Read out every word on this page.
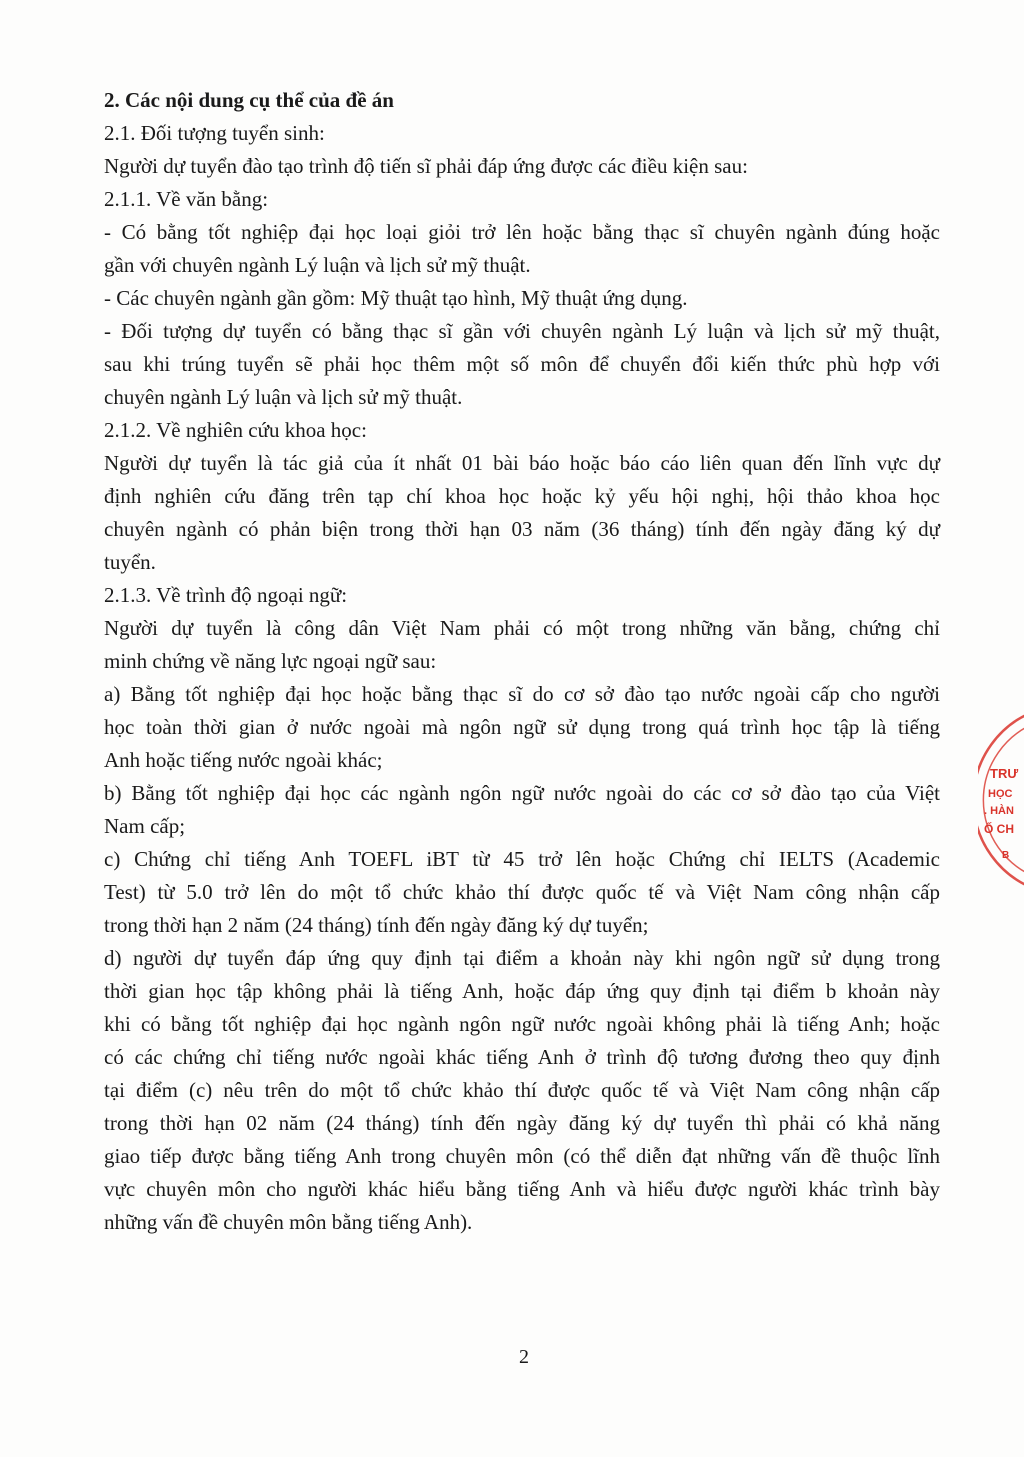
2. Các nội dung cụ thể của đề án
2.1. Đối tượng tuyển sinh:
Người dự tuyển đào tạo trình độ tiến sĩ phải đáp ứng được các điều kiện sau:
2.1.1. Về văn bằng:
- Có bằng tốt nghiệp đại học loại giỏi trở lên hoặc bằng thạc sĩ chuyên ngành đúng hoặc
gần với chuyên ngành Lý luận và lịch sử mỹ thuật.
- Các chuyên ngành gần gồm: Mỹ thuật tạo hình, Mỹ thuật ứng dụng.
- Đối tượng dự tuyển có bằng thạc sĩ gần với chuyên ngành Lý luận và lịch sử mỹ thuật,
sau khi trúng tuyển sẽ phải học thêm một số môn để chuyển đổi kiến thức phù hợp với
chuyên ngành Lý luận và lịch sử mỹ thuật.
2.1.2. Về nghiên cứu khoa học:
Người dự tuyển là tác giả của ít nhất 01 bài báo hoặc báo cáo liên quan đến lĩnh vực dự
định nghiên cứu đăng trên tạp chí khoa học hoặc kỷ yếu hội nghị, hội thảo khoa học
chuyên ngành có phản biện trong thời hạn 03 năm (36 tháng) tính đến ngày đăng ký dự
tuyển.
2.1.3. Về trình độ ngoại ngữ:
Người dự tuyển là công dân Việt Nam phải có một trong những văn bằng, chứng chỉ
minh chứng về năng lực ngoại ngữ sau:
a) Bằng tốt nghiệp đại học hoặc bằng thạc sĩ do cơ sở đào tạo nước ngoài cấp cho người
học toàn thời gian ở nước ngoài mà ngôn ngữ sử dụng trong quá trình học tập là tiếng
Anh hoặc tiếng nước ngoài khác;
b) Bằng tốt nghiệp đại học các ngành ngôn ngữ nước ngoài do các cơ sở đào tạo của Việt
Nam cấp;
c) Chứng chỉ tiếng Anh TOEFL iBT từ 45 trở lên hoặc Chứng chỉ IELTS (Academic
Test) từ 5.0 trở lên do một tổ chức khảo thí được quốc tế và Việt Nam công nhận cấp
trong thời hạn 2 năm (24 tháng) tính đến ngày đăng ký dự tuyển;
d) người dự tuyển đáp ứng quy định tại điểm a khoản này khi ngôn ngữ sử dụng trong
thời gian học tập không phải là tiếng Anh, hoặc đáp ứng quy định tại điểm b khoản này
khi có bằng tốt nghiệp đại học ngành ngôn ngữ nước ngoài không phải là tiếng Anh; hoặc
có các chứng chỉ tiếng nước ngoài khác tiếng Anh ở trình độ tương đương theo quy định
tại điểm (c) nêu trên do một tổ chức khảo thí được quốc tế và Việt Nam công nhận cấp
trong thời hạn 02 năm (24 tháng) tính đến ngày đăng ký dự tuyển thì phải có khả năng
giao tiếp được bằng tiếng Anh trong chuyên môn (có thể diễn đạt những vấn đề thuộc lĩnh
vực chuyên môn cho người khác hiểu bằng tiếng Anh và hiểu được người khác trình bày
những vấn đề chuyên môn bằng tiếng Anh).
2
TRƯ
HỌC
. HÀN
Ố CH
B
